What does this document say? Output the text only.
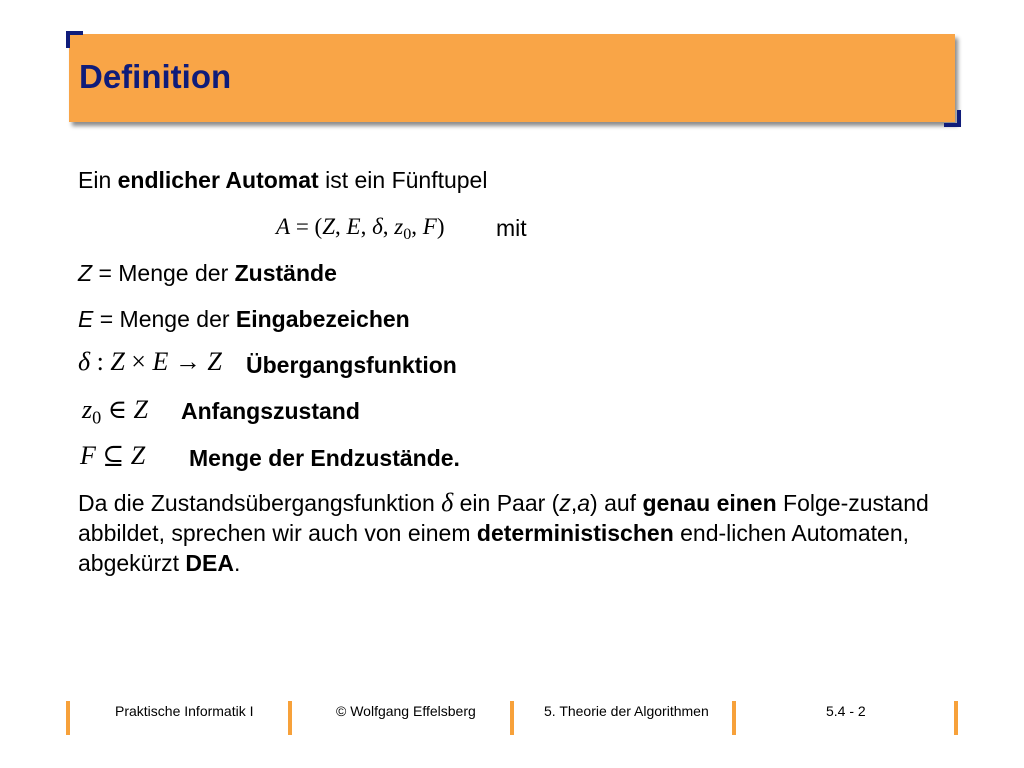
Definition
Ein endlicher Automat ist ein Fünftupel
A = (Z, E, δ, $z_0$, F) mit
Z = Menge der Zustände
E = Menge der Eingabezeichen
δ : Z × E → Z Übergangsfunktion
$z_0$ ∈ Z Anfangszustand
F ⊆ Z Menge der Endzustände.
Da die Zustandsübergangsfunktion δ ein Paar (z,a) auf genau einen Folge-zustand abbildet, sprechen wir auch von einem deterministischen end-lichen Automaten, abgekürzt DEA.
Praktische Informatik I	© Wolfgang Effelsberg	5. Theorie der Algorithmen	5.4 - 2
